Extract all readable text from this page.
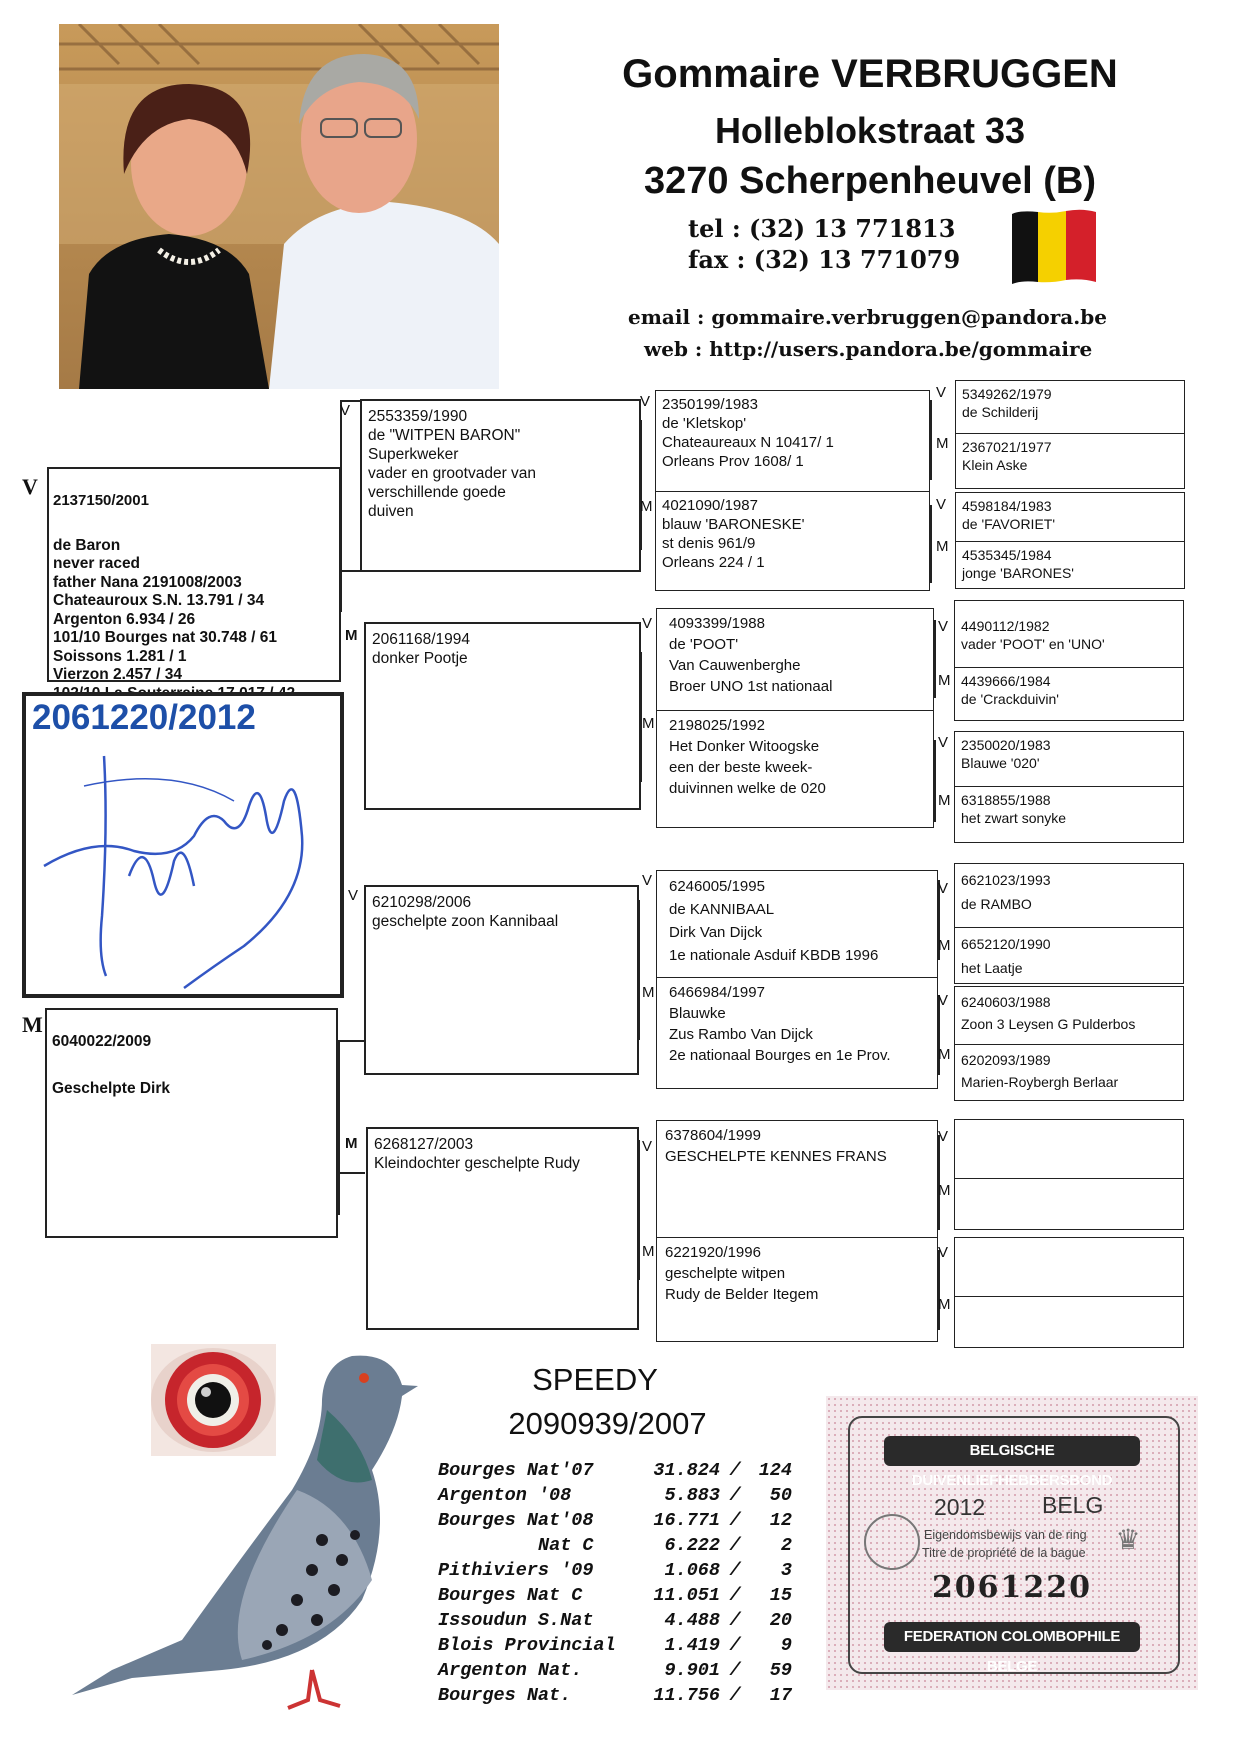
Gommaire VERBRUGGEN
Holleblokstraat 33
3270 Scherpenheuvel (B)
tel : (32) 13 771813
fax : (32) 13 771079
email : gommaire.verbruggen@pandora.be
web : http://users.pandora.be/gommaire
V

2137150/2001

de Baron
never raced
father Nana 2191008/2003
Chateauroux S.N. 13.791 / 34
Argenton 6.934 / 26
101/10 Bourges nat 30.748 / 61
Soissons 1.281 / 1
Vierzon 2.457 / 34

2061220/2012
M

6040022/2009

Geschelpte Dirk

V	2553359/1990
de "WITPEN BARON"
Superkweker
vader en grootvader van
verschillende goede
duiven
M 2061168/1994
donker Pootje
V 6210298/2006
geschelpte zoon Kannibaal
M	6268127/2003
Kleindochter geschelpte Rudy
V 2350199/1983
de 'Kletskop'
Chateaureaux N 10417/ 1
Orleans Prov 1608/ 1
M 4021090/1987
blauw 'BARONESKE'
st denis 961/9
Orleans 224 / 1
V	4093399/1988
de 'POOT'
Van Cauwenberghe
Broer UNO 1st nationaal
M 2198025/1992
Het Donker Witoogske
een der beste kweek-
duivinnen welke de 020
V	6246005/1995
de KANNIBAAL
Dirk Van Dijck
1e nationale Asduif KBDB 1996
M 6466984/1997
Blauwke
Zus Rambo Van Dijck
2e nationaal Bourges en 1e Prov.
V
6378604/1999
GESCHELPTE KENNES FRANS
M 6221920/1996
geschelpte witpen
Rudy de Belder Itegem
V	5349262/1979
de Schilderij
M 2367021/1977
Klein Aske
V	4598184/1983
de 'FAVORIET'
M 4535345/1984
jonge 'BARONES'
V 4490112/1982
vader 'POOT' en 'UNO'
M 4439666/1984
de 'Crackduivin'
V 2350020/1983
Blauwe '020'
M 6318855/1988
het zwart sonyke
V 6621023/1993
de RAMBO
M 6652120/1990
het Laatje
V 6240603/1988
Zoon 3 Leysen G Pulderbos
M 6202093/1989
Marien-Roybergh Berlaar
V
M
V
M
SPEEDY
2090939/2007
Bourges Nat'07	31.824 / 124
Argenton '08	5.883 /	50
Bourges Nat'08	16.771 /	12
Nat C	6.222 /	2
Pithiviers '09	1.068 /	3
Bourges Nat C	11.051 /	15
Issoudun S.Nat	4.488 /	20
Blois Provincial	1.419 /	9
Argenton Nat.	9.901 /	59
Bourges Nat.	11.756 /	17
BELGISCHE DUIVENLIEFHEBBERSBOND
2012 BELG
Eigendomsbewijs van de ring
Titre de propriété de la bague
2061220
FEDERATION COLOMBOPHILE BELGE
♛
